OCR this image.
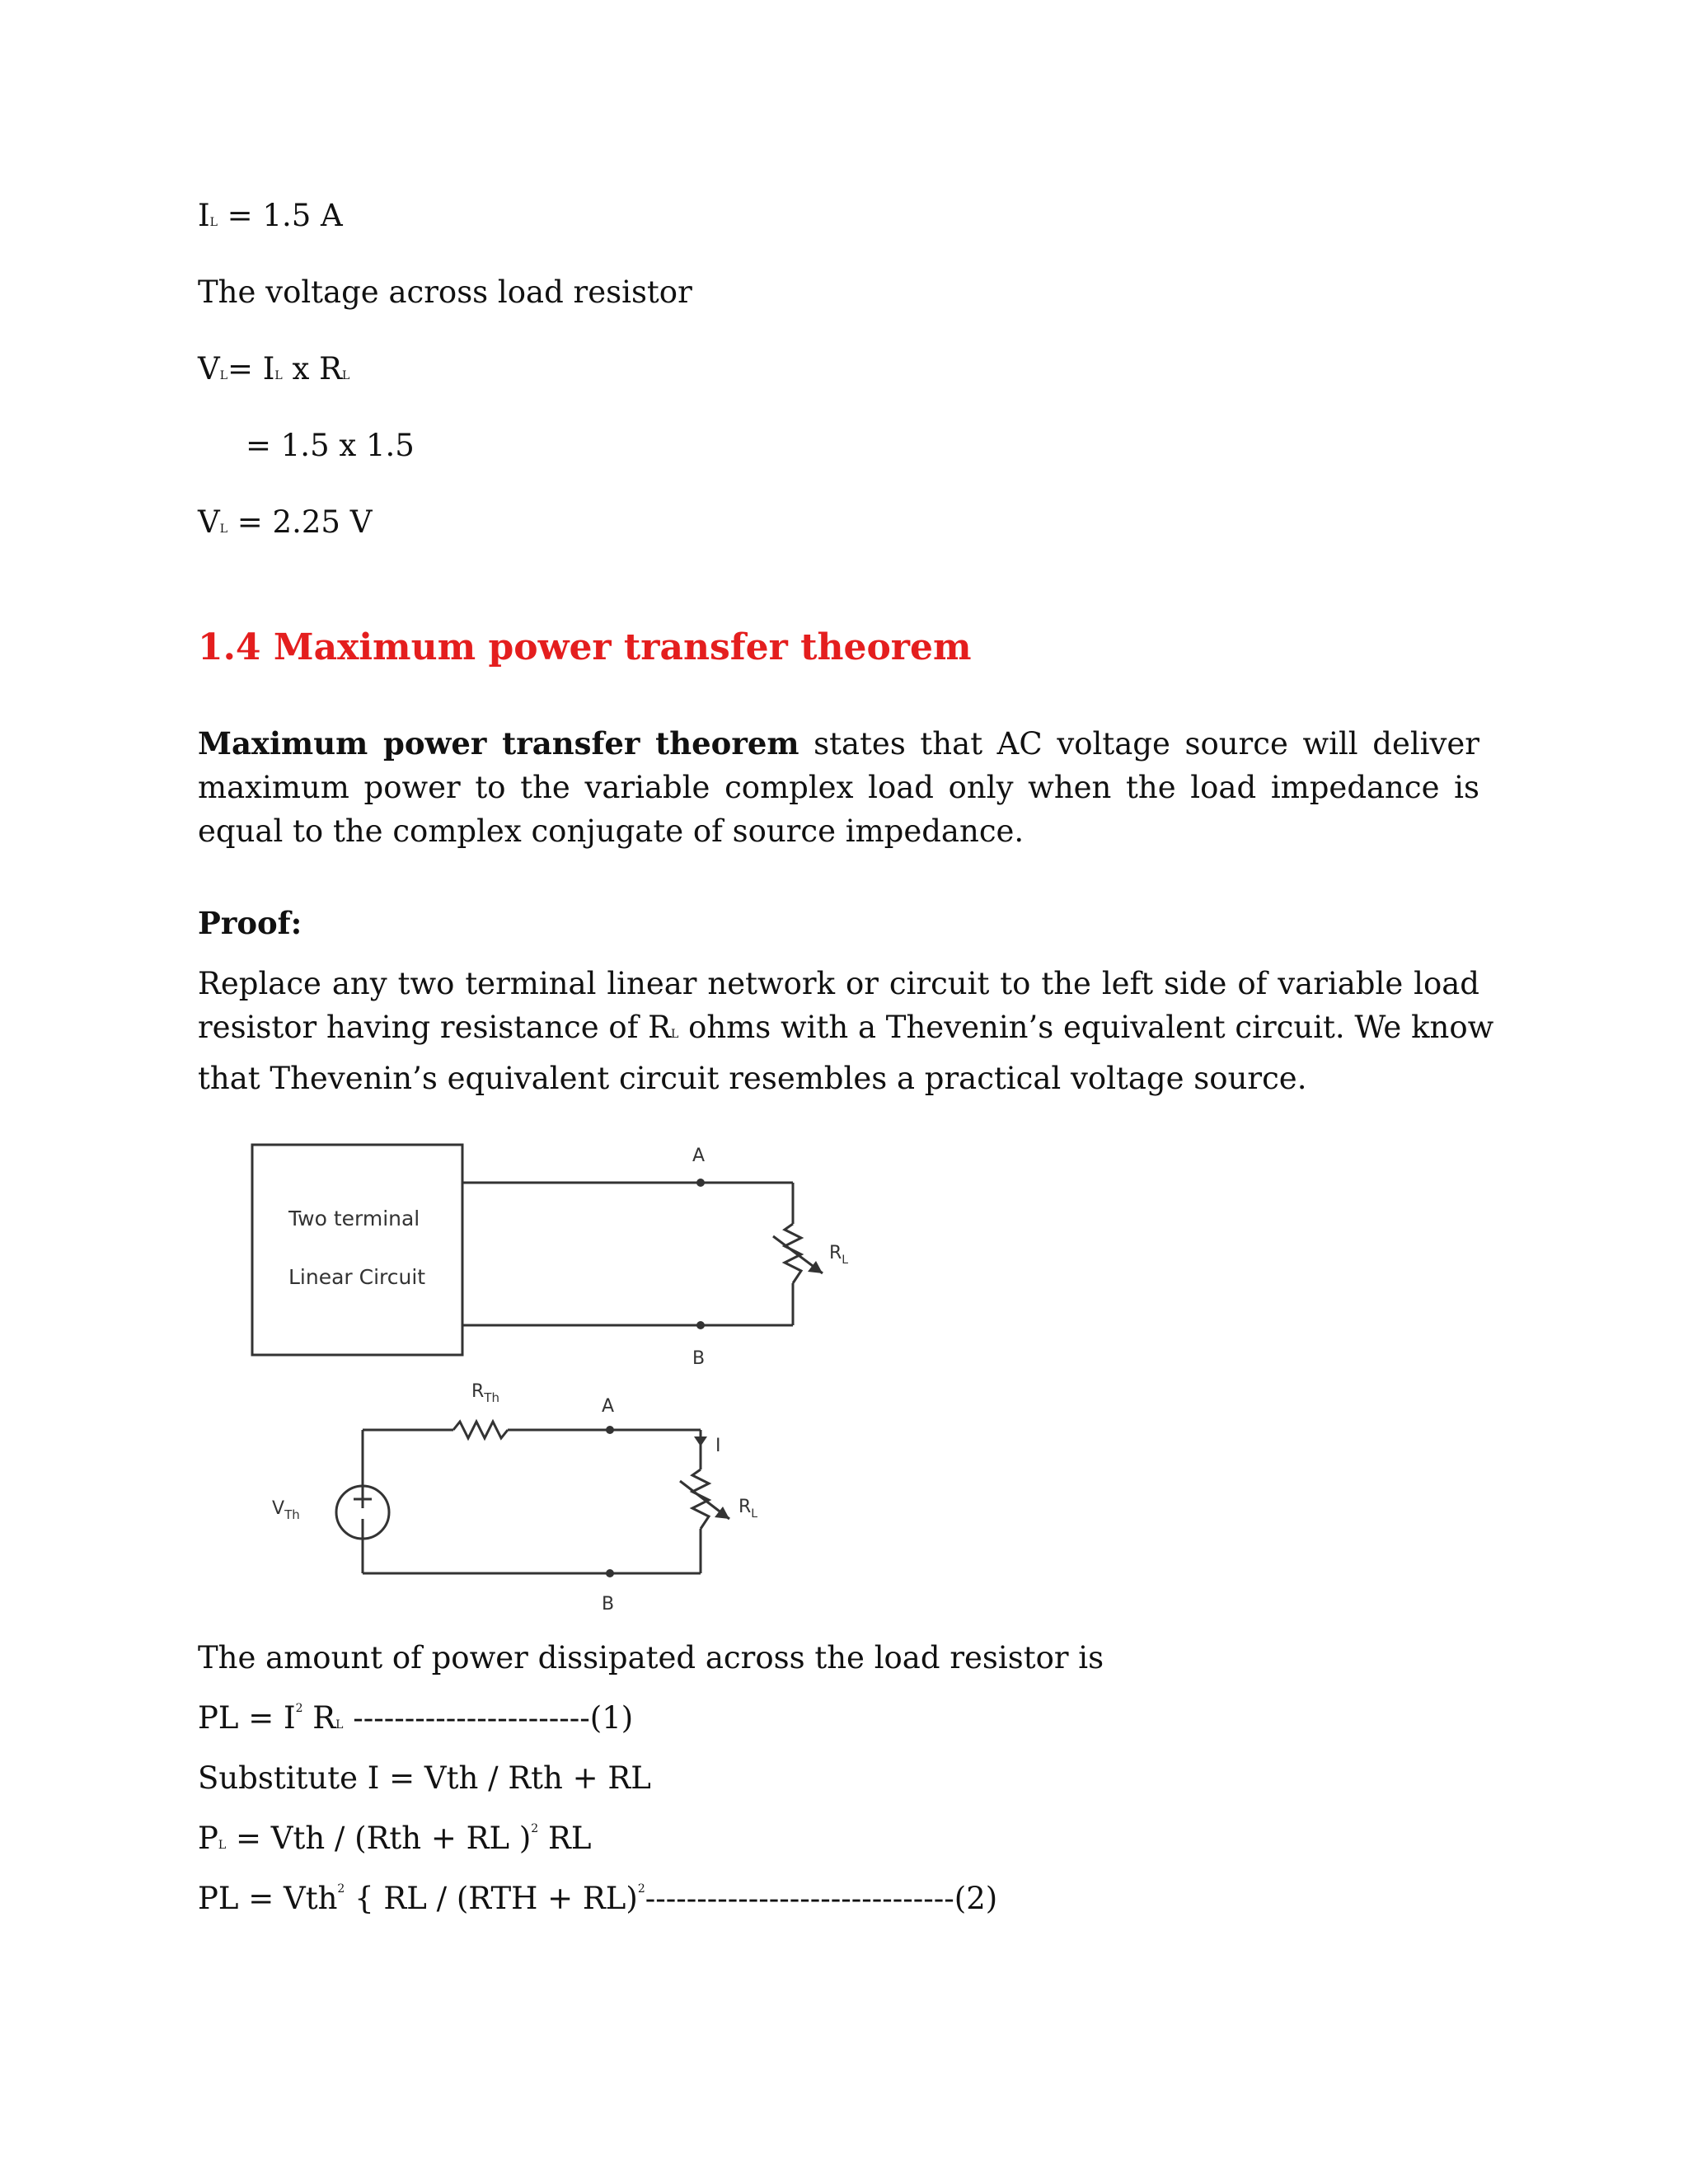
IL = 1.5 A
The voltage across load resistor
VL= IL x RL
= 1.5 x 1.5
VL = 2.25 V
1.4 Maximum power transfer theorem
Maximum power transfer theorem states that AC voltage source will deliver
maximum power to the variable complex load only when the load impedance is
equal to the complex conjugate of source impedance.
Proof:
Replace any two terminal linear network or circuit to the left side of variable load
resistor having resistance of RL ohms with a Thevenin’s equivalent circuit. We know
that Thevenin’s equivalent circuit resembles a practical voltage source.
Two terminal
Linear Circuit
A
B
$R_L$
$R_{Th}$	A
I
$R_L$
$V_{Th}$
B
The amount of power dissipated across the load resistor is
PL = $I^2$ RL -----------------------(1)
Substitute I = Vth / Rth + RL
PL = Vth / (Rth + RL )$^2$ RL
PL = Vth$^2$ { RL / (RTH + RL)$^2$------------------------------(2)
